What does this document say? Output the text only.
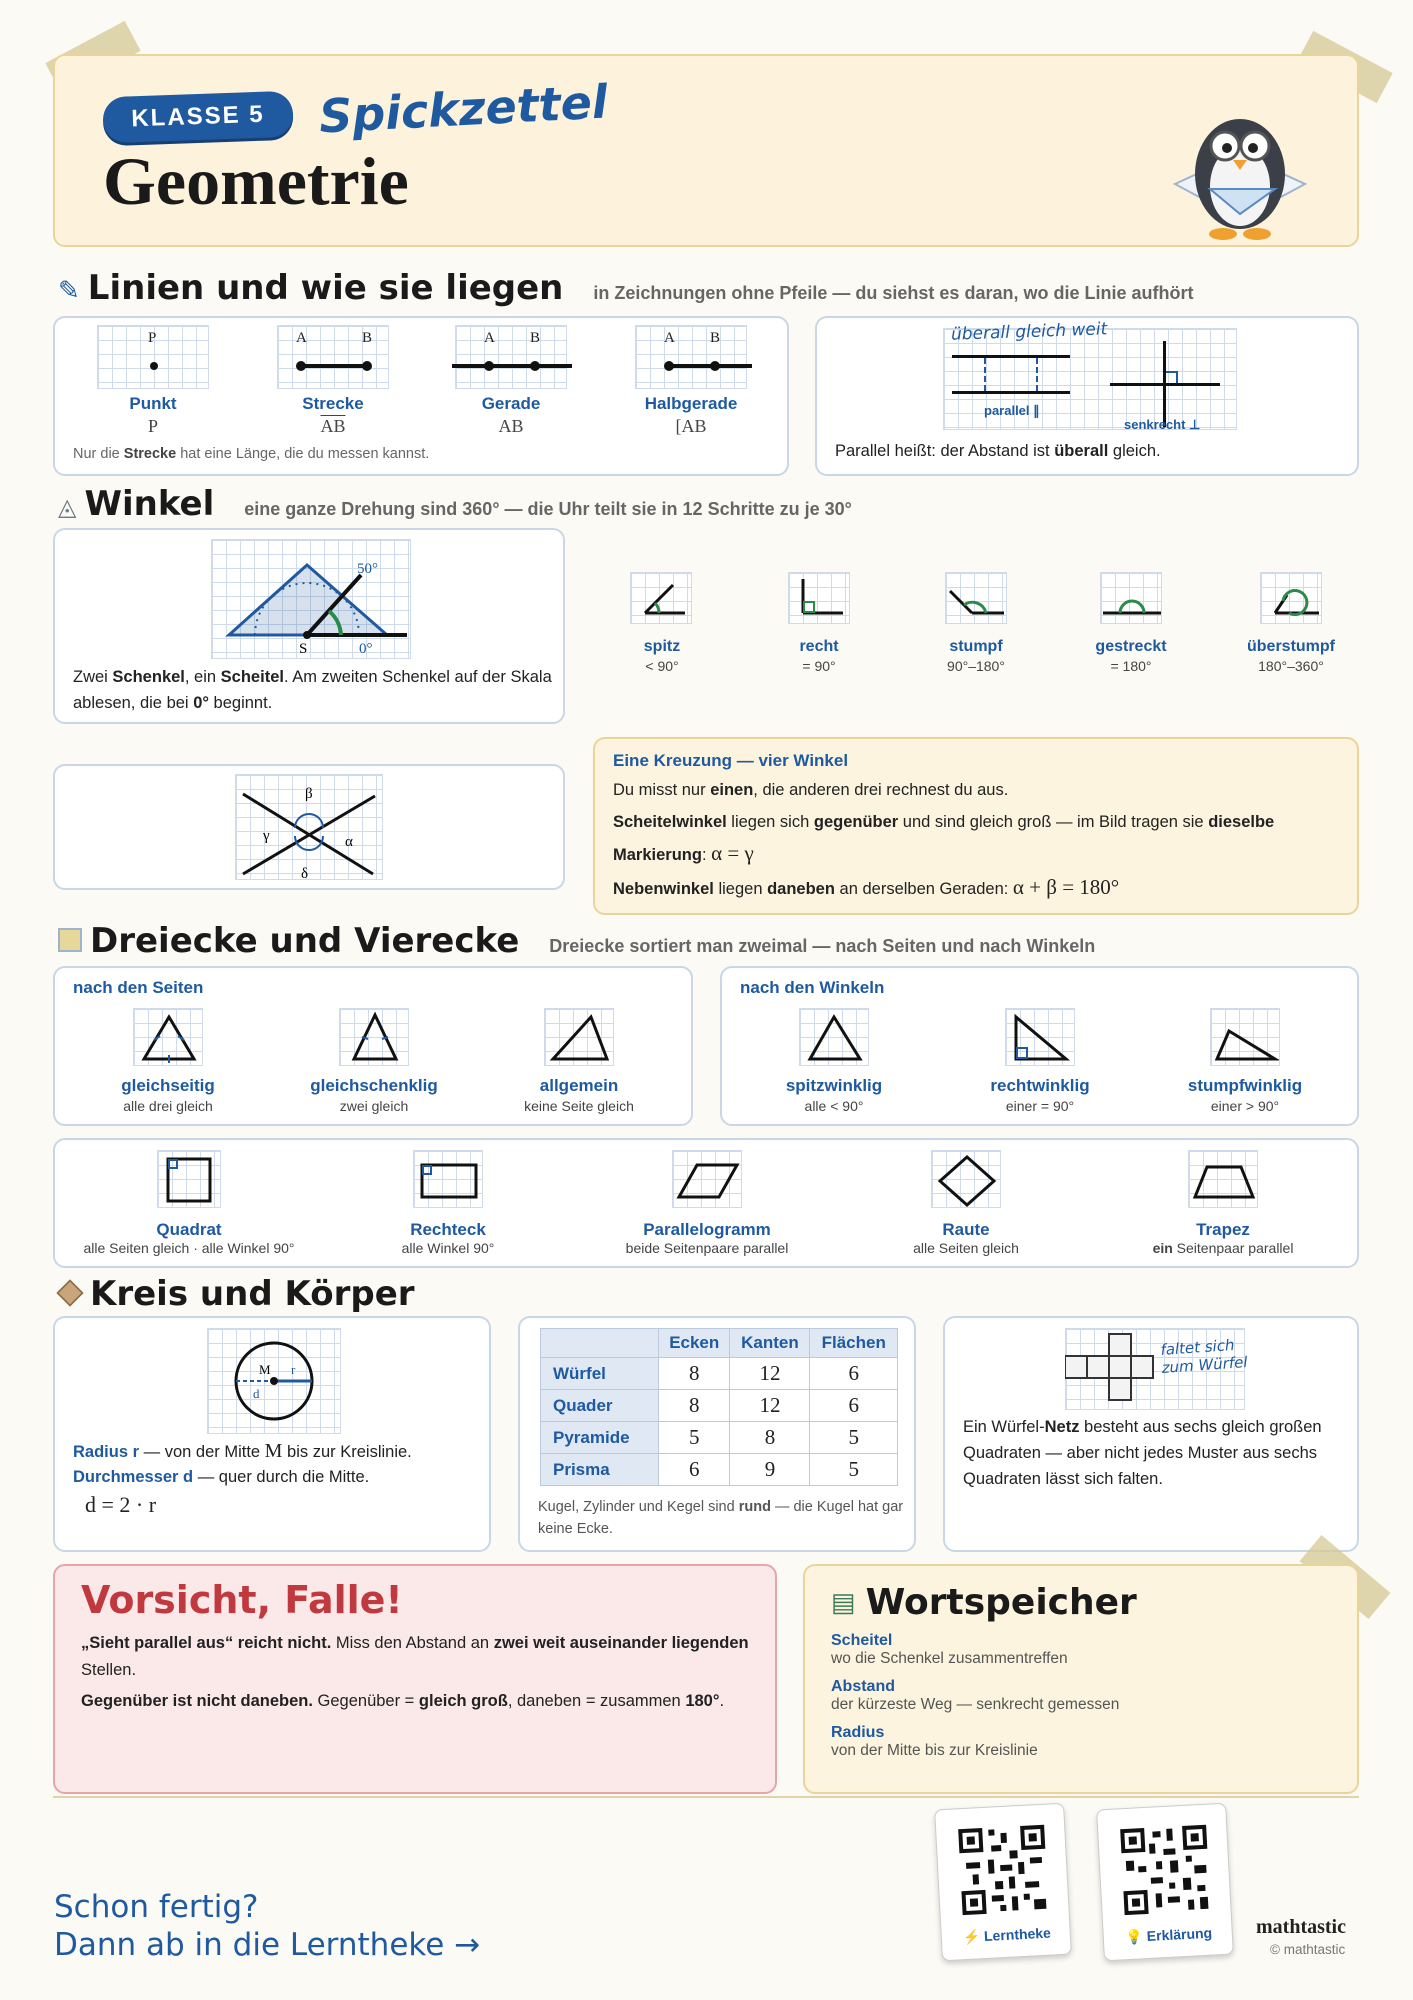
KLASSE 5	Spickzettel
Geometrie
✎ Linien und wie sie liegen in Zeichnungen ohne Pfeile — du siehst es daran, wo die Linie aufhört
P
Punkt
P
A	B
Strecke
$\overline{AB}$
A B
Gerade
AB
A B
Halbgerade
[AB
Nur die Strecke hat eine Länge, die du messen kannst.
parallel ∥
senkrecht ⊥
überall gleich weit
Parallel heißt: der Abstand ist überall gleich.
◬ Winkel eine ganze Drehung sind 360° — die Uhr teilt sie in 12 Schritte zu je 30°
S	0°
50°
Zwei Schenkel, ein Scheitel. Am zweiten Schenkel auf der Skala ablesen, die bei 0° beginnt.
spitz
< 90°
recht
= 90°
stumpf
90°–180°
gestreckt
= 180°
überstumpf
180°–360°
β
γ	α
δ
Eine Kreuzung — vier Winkel
Du misst nur einen, die anderen drei rechnest du aus.
Scheitelwinkel liegen sich gegenüber und sind gleich groß — im Bild tragen sie dieselbe
Markierung: α = γ
Nebenwinkel liegen daneben an derselben Geraden: α + β = 180°
Dreiecke und Vierecke Dreiecke sortiert man zweimal — nach Seiten und nach Winkeln
nach den Seiten
gleichseitig
alle drei gleich
gleichschenklig
zwei gleich
allgemein
keine Seite gleich
nach den Winkeln
spitzwinklig
alle < 90°
rechtwinklig
einer = 90°
stumpfwinklig
einer > 90°
Quadrat
alle Seiten gleich · alle Winkel 90°
Rechteck
alle Winkel 90°
Parallelogramm
beide Seitenpaare parallel
Raute
alle Seiten gleich
Trapez
ein Seitenpaar parallel
Kreis und Körper
M r
d
Radius r — von der Mitte M bis zur Kreislinie.
Durchmesser d — quer durch die Mitte.
d = 2 · r
	Ecken	Kanten	Flächen
Würfel	8	12	6
Quader	8	12	6
Pyramide	5	8	5
Prisma	6	9	5
Kugel, Zylinder und Kegel sind rund — die Kugel hat gar keine Ecke.
faltet sich
zum Würfel
Ein Würfel-Netz besteht aus sechs gleich großen Quadraten — aber nicht jedes Muster aus sechs Quadraten lässt sich falten.
Vorsicht, Falle!
„Sieht parallel aus“ reicht nicht. Miss den Abstand an zwei weit auseinander liegenden Stellen.
Gegenüber ist nicht daneben. Gegenüber = gleich groß, daneben = zusammen 180°.
▤ Wortspeicher
Scheitel
wo die Schenkel zusammentreffen
Abstand
der kürzeste Weg — senkrecht gemessen
Radius
von der Mitte bis zur Kreislinie
Schon fertig?
Dann ab in die Lerntheke →	⚡ Lerntheke	💡 Erklärung	mathtastic
© mathtastic
